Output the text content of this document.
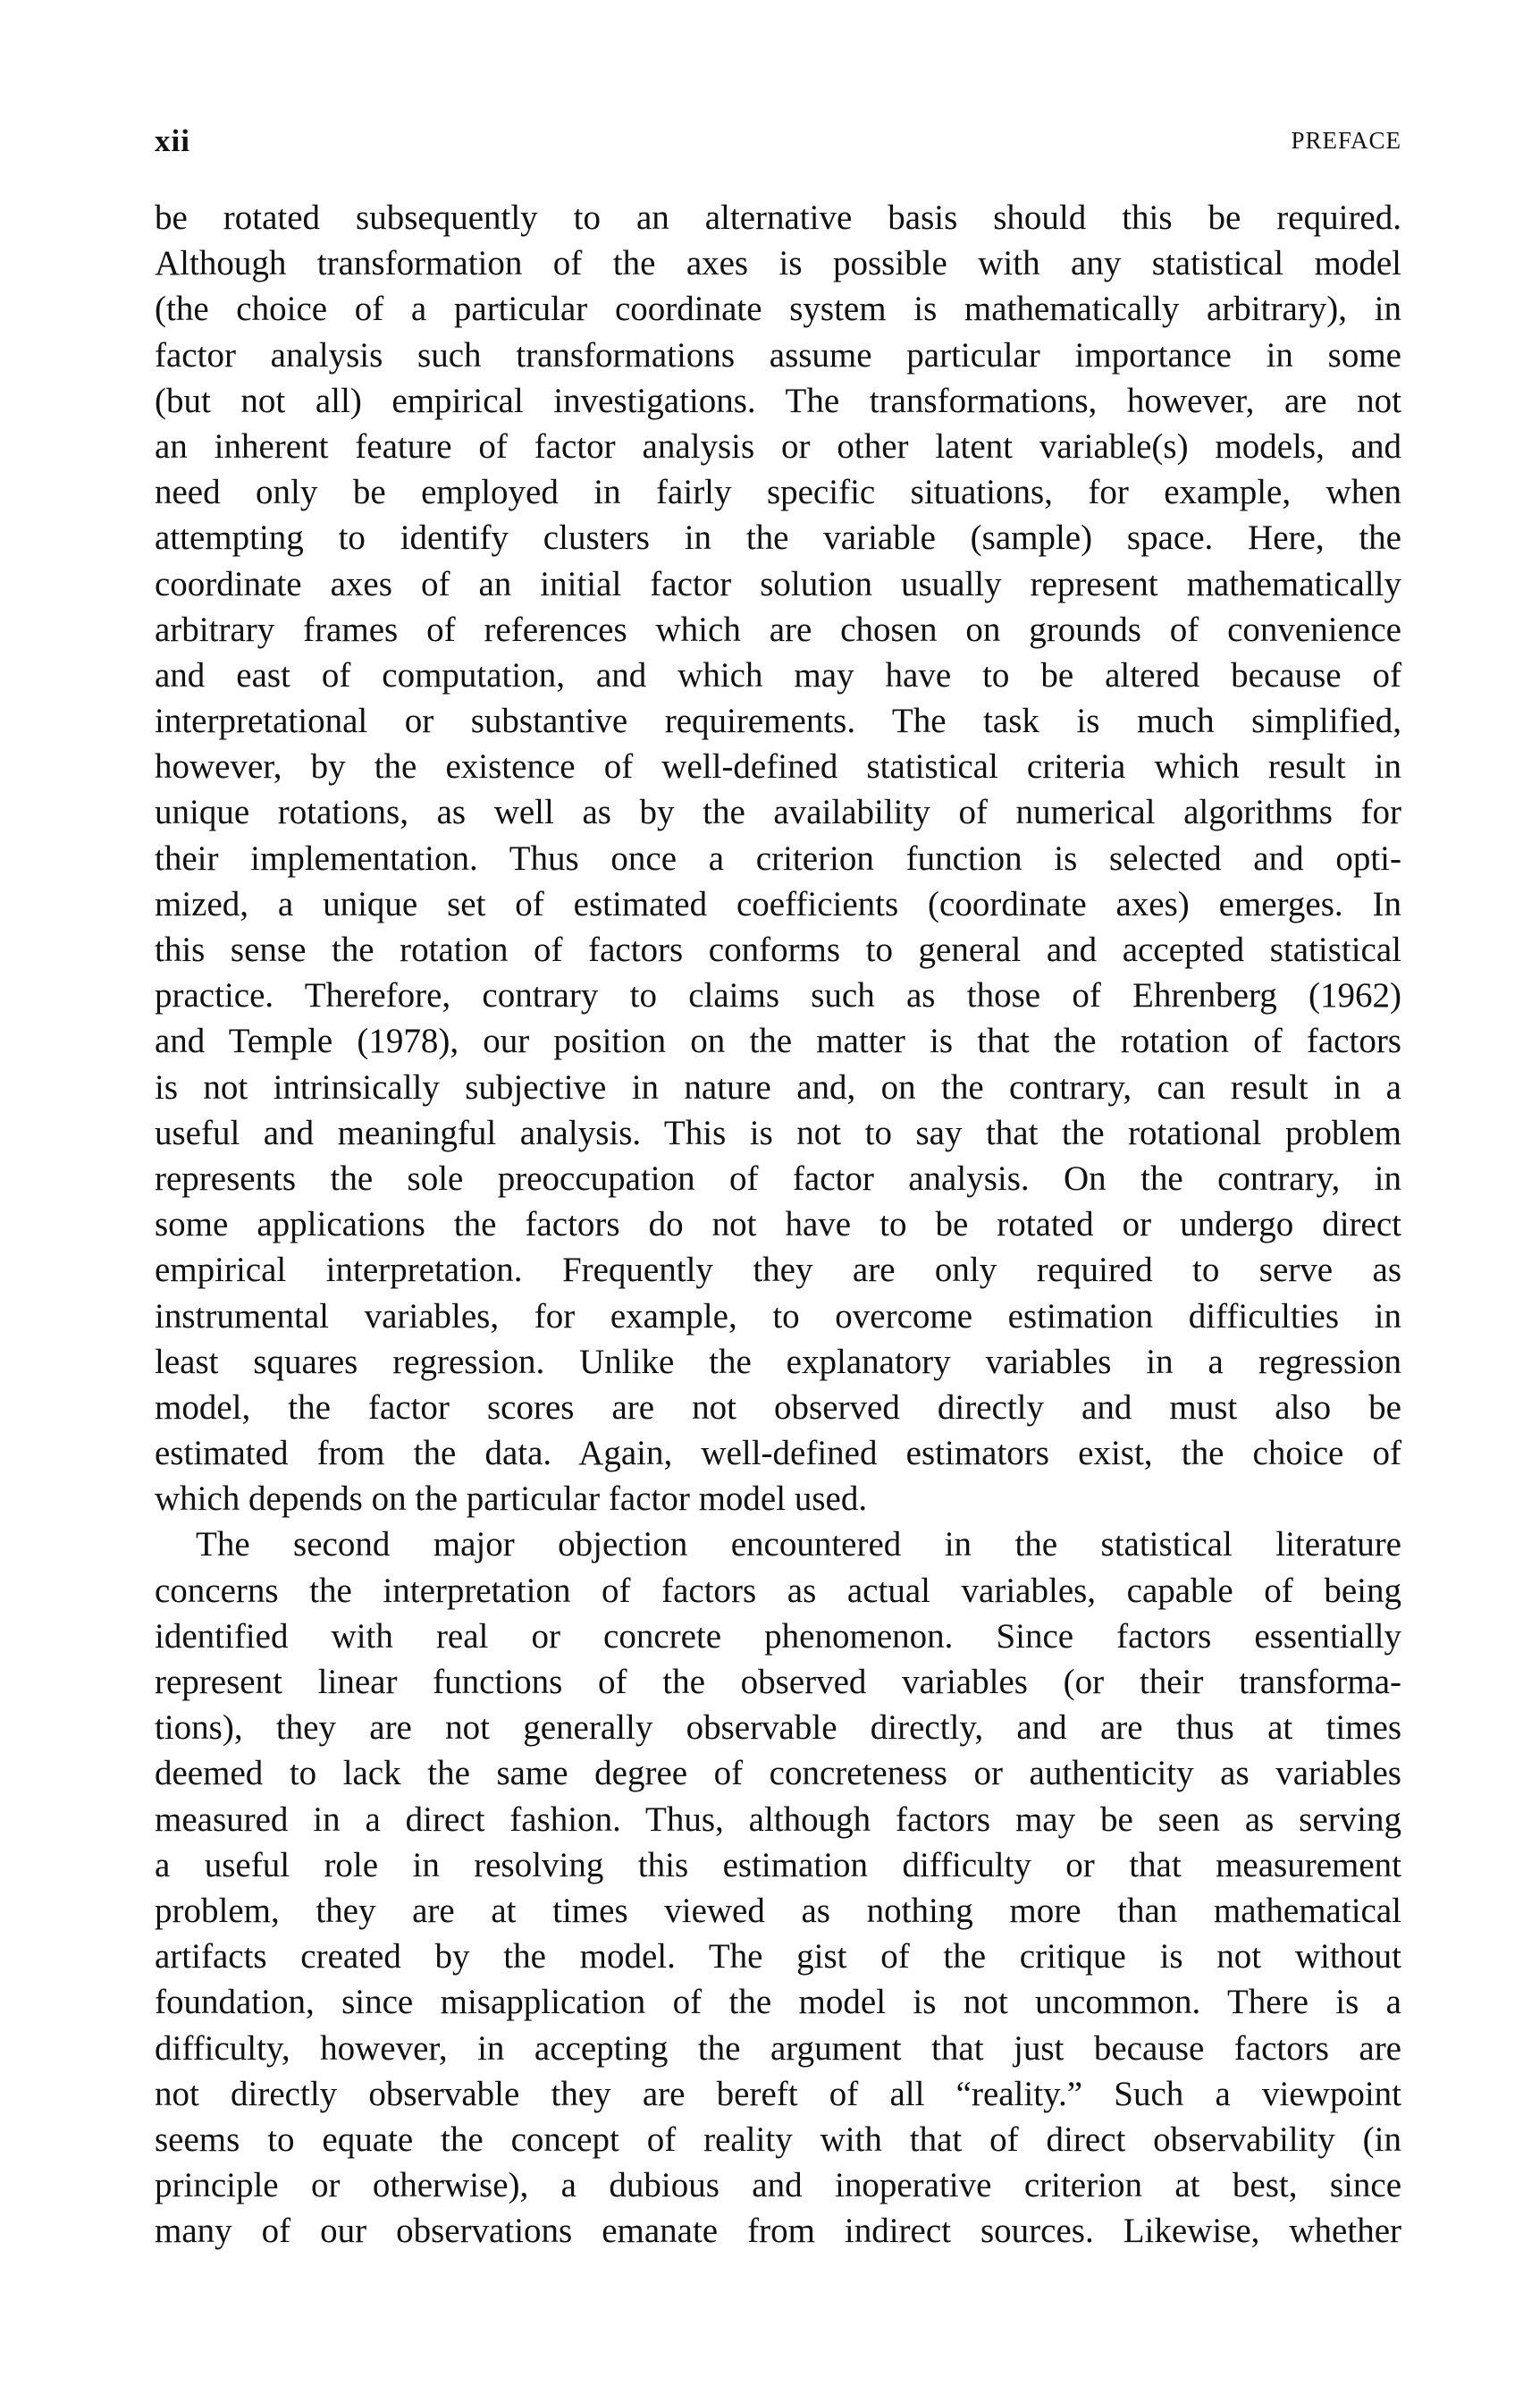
xii	PREFACE

be rotated subsequently to an alternative basis should this be required.
Although transformation of the axes is possible with any statistical model
(the choice of a particular coordinate system is mathematically arbitrary), in
factor analysis such transformations assume particular importance in some
(but not all) empirical investigations. The transformations, however, are not
an inherent feature of factor analysis or other latent variable(s) models, and
need only be employed in fairly specific situations, for example, when
attempting to identify clusters in the variable (sample) space. Here, the
coordinate axes of an initial factor solution usually represent mathematically
arbitrary frames of references which are chosen on grounds of convenience
and east of computation, and which may have to be altered because of
interpretational or substantive requirements. The task is much simplified,
however, by the existence of well-defined statistical criteria which result in
unique rotations, as well as by the availability of numerical algorithms for
their implementation. Thus once a criterion function is selected and opti-
mized, a unique set of estimated coefficients (coordinate axes) emerges. In
this sense the rotation of factors conforms to general and accepted statistical
practice. Therefore, contrary to claims such as those of Ehrenberg (1962)
and Temple (1978), our position on the matter is that the rotation of factors
is not intrinsically subjective in nature and, on the contrary, can result in a
useful and meaningful analysis. This is not to say that the rotational problem
represents the sole preoccupation of factor analysis. On the contrary, in
some applications the factors do not have to be rotated or undergo direct
empirical interpretation. Frequently they are only required to serve as
instrumental variables, for example, to overcome estimation difficulties in
least squares regression. Unlike the explanatory variables in a regression
model, the factor scores are not observed directly and must also be
estimated from the data. Again, well-defined estimators exist, the choice of
which depends on the particular factor model used.

The second major objection encountered in the statistical literature
concerns the interpretation of factors as actual variables, capable of being
identified with real or concrete phenomenon. Since factors essentially
represent linear functions of the observed variables (or their transforma-
tions), they are not generally observable directly, and are thus at times
deemed to lack the same degree of concreteness or authenticity as variables
measured in a direct fashion. Thus, although factors may be seen as serving
a useful role in resolving this estimation difficulty or that measurement
problem, they are at times viewed as nothing more than mathematical
artifacts created by the model. The gist of the critique is not without
foundation, since misapplication of the model is not uncommon. There is a
difficulty, however, in accepting the argument that just because factors are
not directly observable they are bereft of all “reality.” Such a viewpoint
seems to equate the concept of reality with that of direct observability (in
principle or otherwise), a dubious and inoperative criterion at best, since
many of our observations emanate from indirect sources. Likewise, whether
